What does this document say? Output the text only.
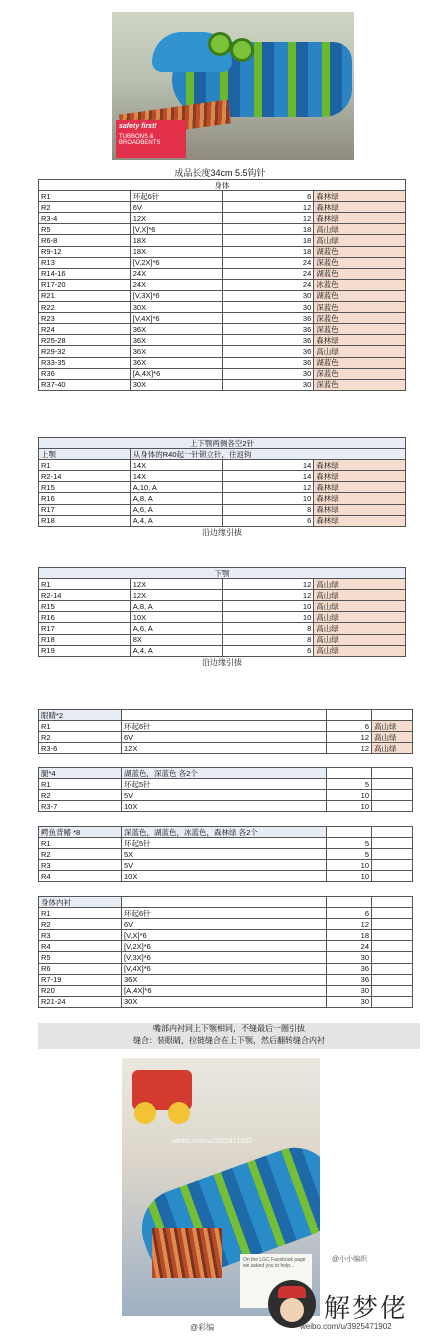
safety first!
TUBBONS & BROADBENTS
成品长度34cm 5.5钩针
身体			
R1	环起6针	6	森林绿
R2	6V	12	森林绿
R3-4	12X	12	森林绿
R5	[V,X]*6	18	高山绿
R6-8	18X	18	高山绿
R9-12	18X	18	湖蓝色
R13	[V,2X]*6	24	深蓝色
R14-16	24X	24	湖蓝色
R17-20	24X	24	冰蓝色
R21	[V,3X]*6	30	湖蓝色
R22	30X	30	深蓝色
R23	[V,4X]*6	36	深蓝色
R24	36X	36	深蓝色
R25-28	36X	36	森林绿
R29-32	36X	36	高山绿
R33-35	36X	36	湖蓝色
R36	[A,4X]*6	30	深蓝色
R37-40	30X	30	深蓝色
上下颚两侧各空2针			
上颚	从身体的R40起一针锁立针，往返钩		
R1	14X	14	森林绿
R2-14	14X	14	森林绿
R15	A,10, A	12	森林绿
R16	A,8, A	10	森林绿
R17	A,6, A	8	森林绿
R18	A,4, A	6	森林绿
沿边缘引拔
下颚			
R1	12X	12	高山绿
R2-14	12X	12	高山绿
R15	A,8, A	10	高山绿
R16	10X	10	高山绿
R17	A,6, A	8	高山绿
R18	8X	8	高山绿
R19	A,4, A	6	高山绿
沿边缘引拔
眼睛*2			
R1	环起6针	6	高山绿
R2	6V	12	高山绿
R3-6	12X	12	高山绿
腿*4	湖蓝色，深蓝色 各2个		
R1	环起5针	5	
R2	5V	10	
R3-7	10X	10	
鳄鱼背鳍 *8	深蓝色，湖蓝色，冰蓝色，森林绿 各2个		
R1	环起5针	5	
R2	5X	5	
R3	5V	10	
R4	10X	10	
身体内衬			
R1	环起6针	6	
R2	6V	12	
R3	[V,X]*6	18	
R4	[V,2X]*6	24	
R5	[V,3X]*6	30	
R6	[V,4X]*6	36	
R7-19	36X	36	
R20	[A,4X]*6	30	
R21-24	30X	30	
嘴部内衬同上下颚相同，不缝最后一圈引拔
缝合：装眼睛，拉链缝合在上下颚，然后翻转缝合内衬
On the LGC Facebook page we asked you to help...
weibo.com/u/3925471902
@小小编织
解梦佬
@彩编	weibo.com/u/3925471902
